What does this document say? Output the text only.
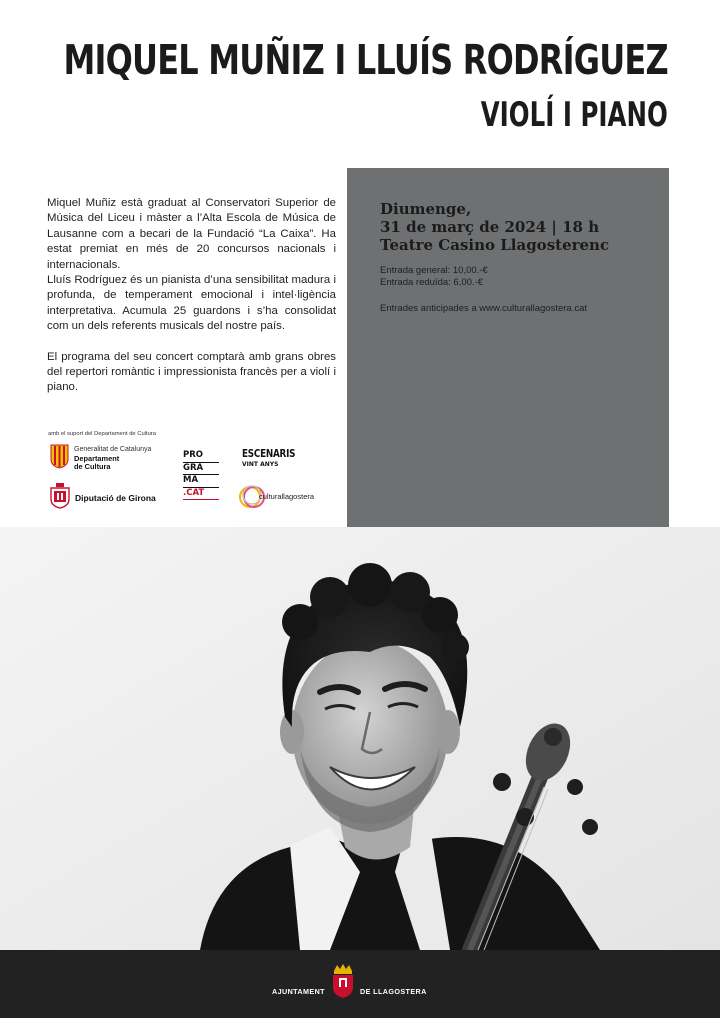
MIQUEL MUÑIZ I LLUÍS RODRÍGUEZ
VIOLÍ I PIANO

Miquel Muñiz està graduat al Conservatori Superior de Música del Liceu i màster a l’Alta Escola de Música de Lausanne com a becari de la Fundació “La Caixa”. Ha estat premiat en més de 20 concursos nacionals i internacionals.

Lluís Rodríguez és un pianista d’una sensibilitat madura i profunda, de temperament emocional i intel·ligència interpretativa. Acumula 25 guardons i s’ha consolidat com un dels referents musicals del nostre país.

El programa del seu concert comptarà amb grans obres del repertori romàntic i impressionista francès per a violí i piano.

amb el suport del Departament de Cultura
Generalitat de Catalunya
Departament
de Cultura
Diputació de Girona
PRO
GRA
MA
.CAT
ESCENARIS
VINT ANYS
culturallagostera
Diumenge,
31 de març de 2024 | 18 h
Teatre Casino Llagosterenc
Entrada general: 10,00.-€
Entrada reduïda: 6,00.-€
Entrades anticipades a www.culturallagostera.cat
AJUNTAMENT	DE LLAGOSTERA
